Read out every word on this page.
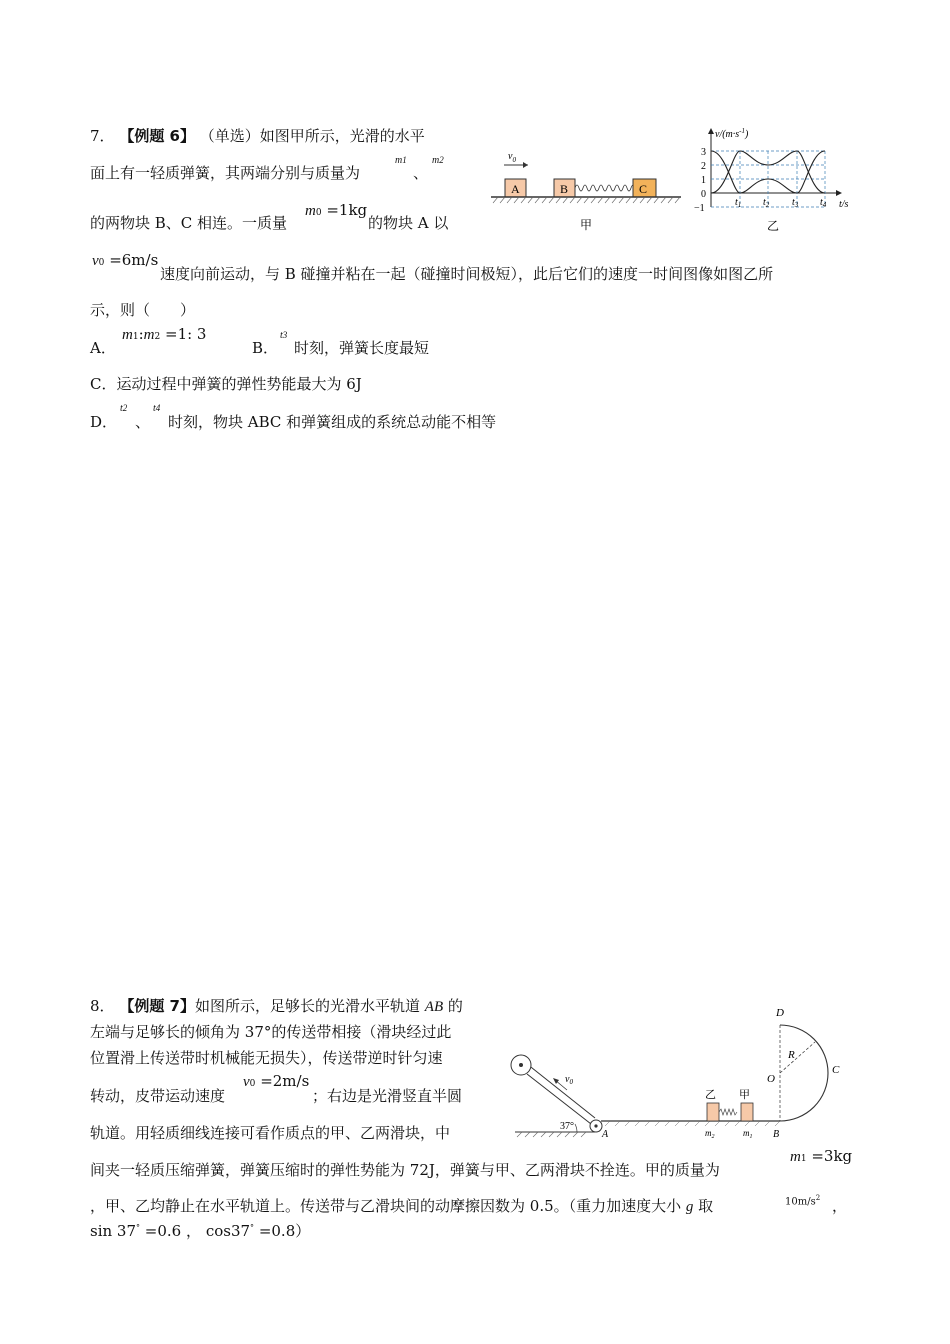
7． 【例题 6】 （单选）如图甲所示，光滑的水平
面上有一轻质弹簧，其两端分别与质量为
m1
、
m2
的两物块 B、C 相连。一质量
m0 =1kg
的物块 A 以
v0 =6m/s
速度向前运动，与 B 碰撞并粘在一起（碰撞时间极短），此后它们的速度一时间图像如图乙所
示，则（　　）
A．
m1:m2 =1: 3
B．
t3
时刻，弹簧长度最短
C．运动过程中弹簧的弹性势能最大为 6J
D．
t2
、
t4
时刻，物块 ABC 和弹簧组成的系统总动能不相等
$v_0$
A	B	C
甲
$v/(m\cdot s^{-1})$
3
2
1
0
−1
$t_1$ $t_2$ $t_3$ $t_4$ t/s
乙
8． 【例题 7】如图所示，足够长的光滑水平轨道 AB 的
左端与足够长的倾角为 37°的传送带相接（滑块经过此
位置滑上传送带时机械能无损失），传送带逆时针匀速
转动，皮带运动速度
v0 =2m/s
；右边是光滑竖直半圆
轨道。用轻质细线连接可看作质点的甲、乙两滑块，中
间夹一轻质压缩弹簧，弹簧压缩时的弹性势能为 72J，弹簧与甲、乙两滑块不拴连。甲的质量为
m1 =3kg
，甲、乙均静止在水平轨道上。传送带与乙滑块间的动摩擦因数为 0.5。（重力加速度大小 g 取	$10m/s^2$ ，
sin 37° =0.6 ， cos37° =0.8）
$v_0$
37°
A
乙 甲
$m_2$	$m_1$ B
D
O
R
C
